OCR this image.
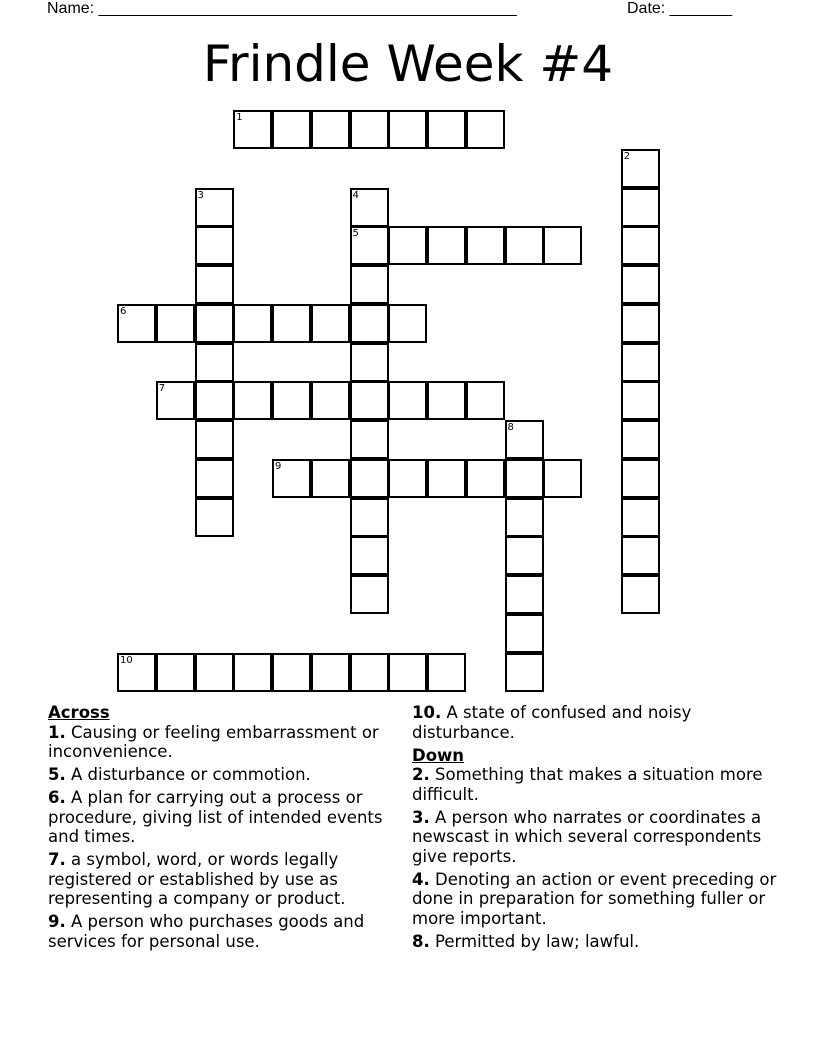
Name: _______________________________________________	Date: _______
Frindle Week #4
1
2
3	4
5
6
7
8
9
10
Across
1. Causing or feeling embarrassment or inconvenience.
5. A disturbance or commotion.
6. A plan for carrying out a process or procedure, giving list of intended events and times.
7. a symbol, word, or words legally registered or established by use as representing a company or product.
9. A person who purchases goods and services for personal use.
10. A state of confused and noisy disturbance.
Down
2. Something that makes a situation more difficult.
3. A person who narrates or coordinates a newscast in which several correspondents give reports.
4. Denoting an action or event preceding or done in preparation for something fuller or more important.
8. Permitted by law; lawful.
